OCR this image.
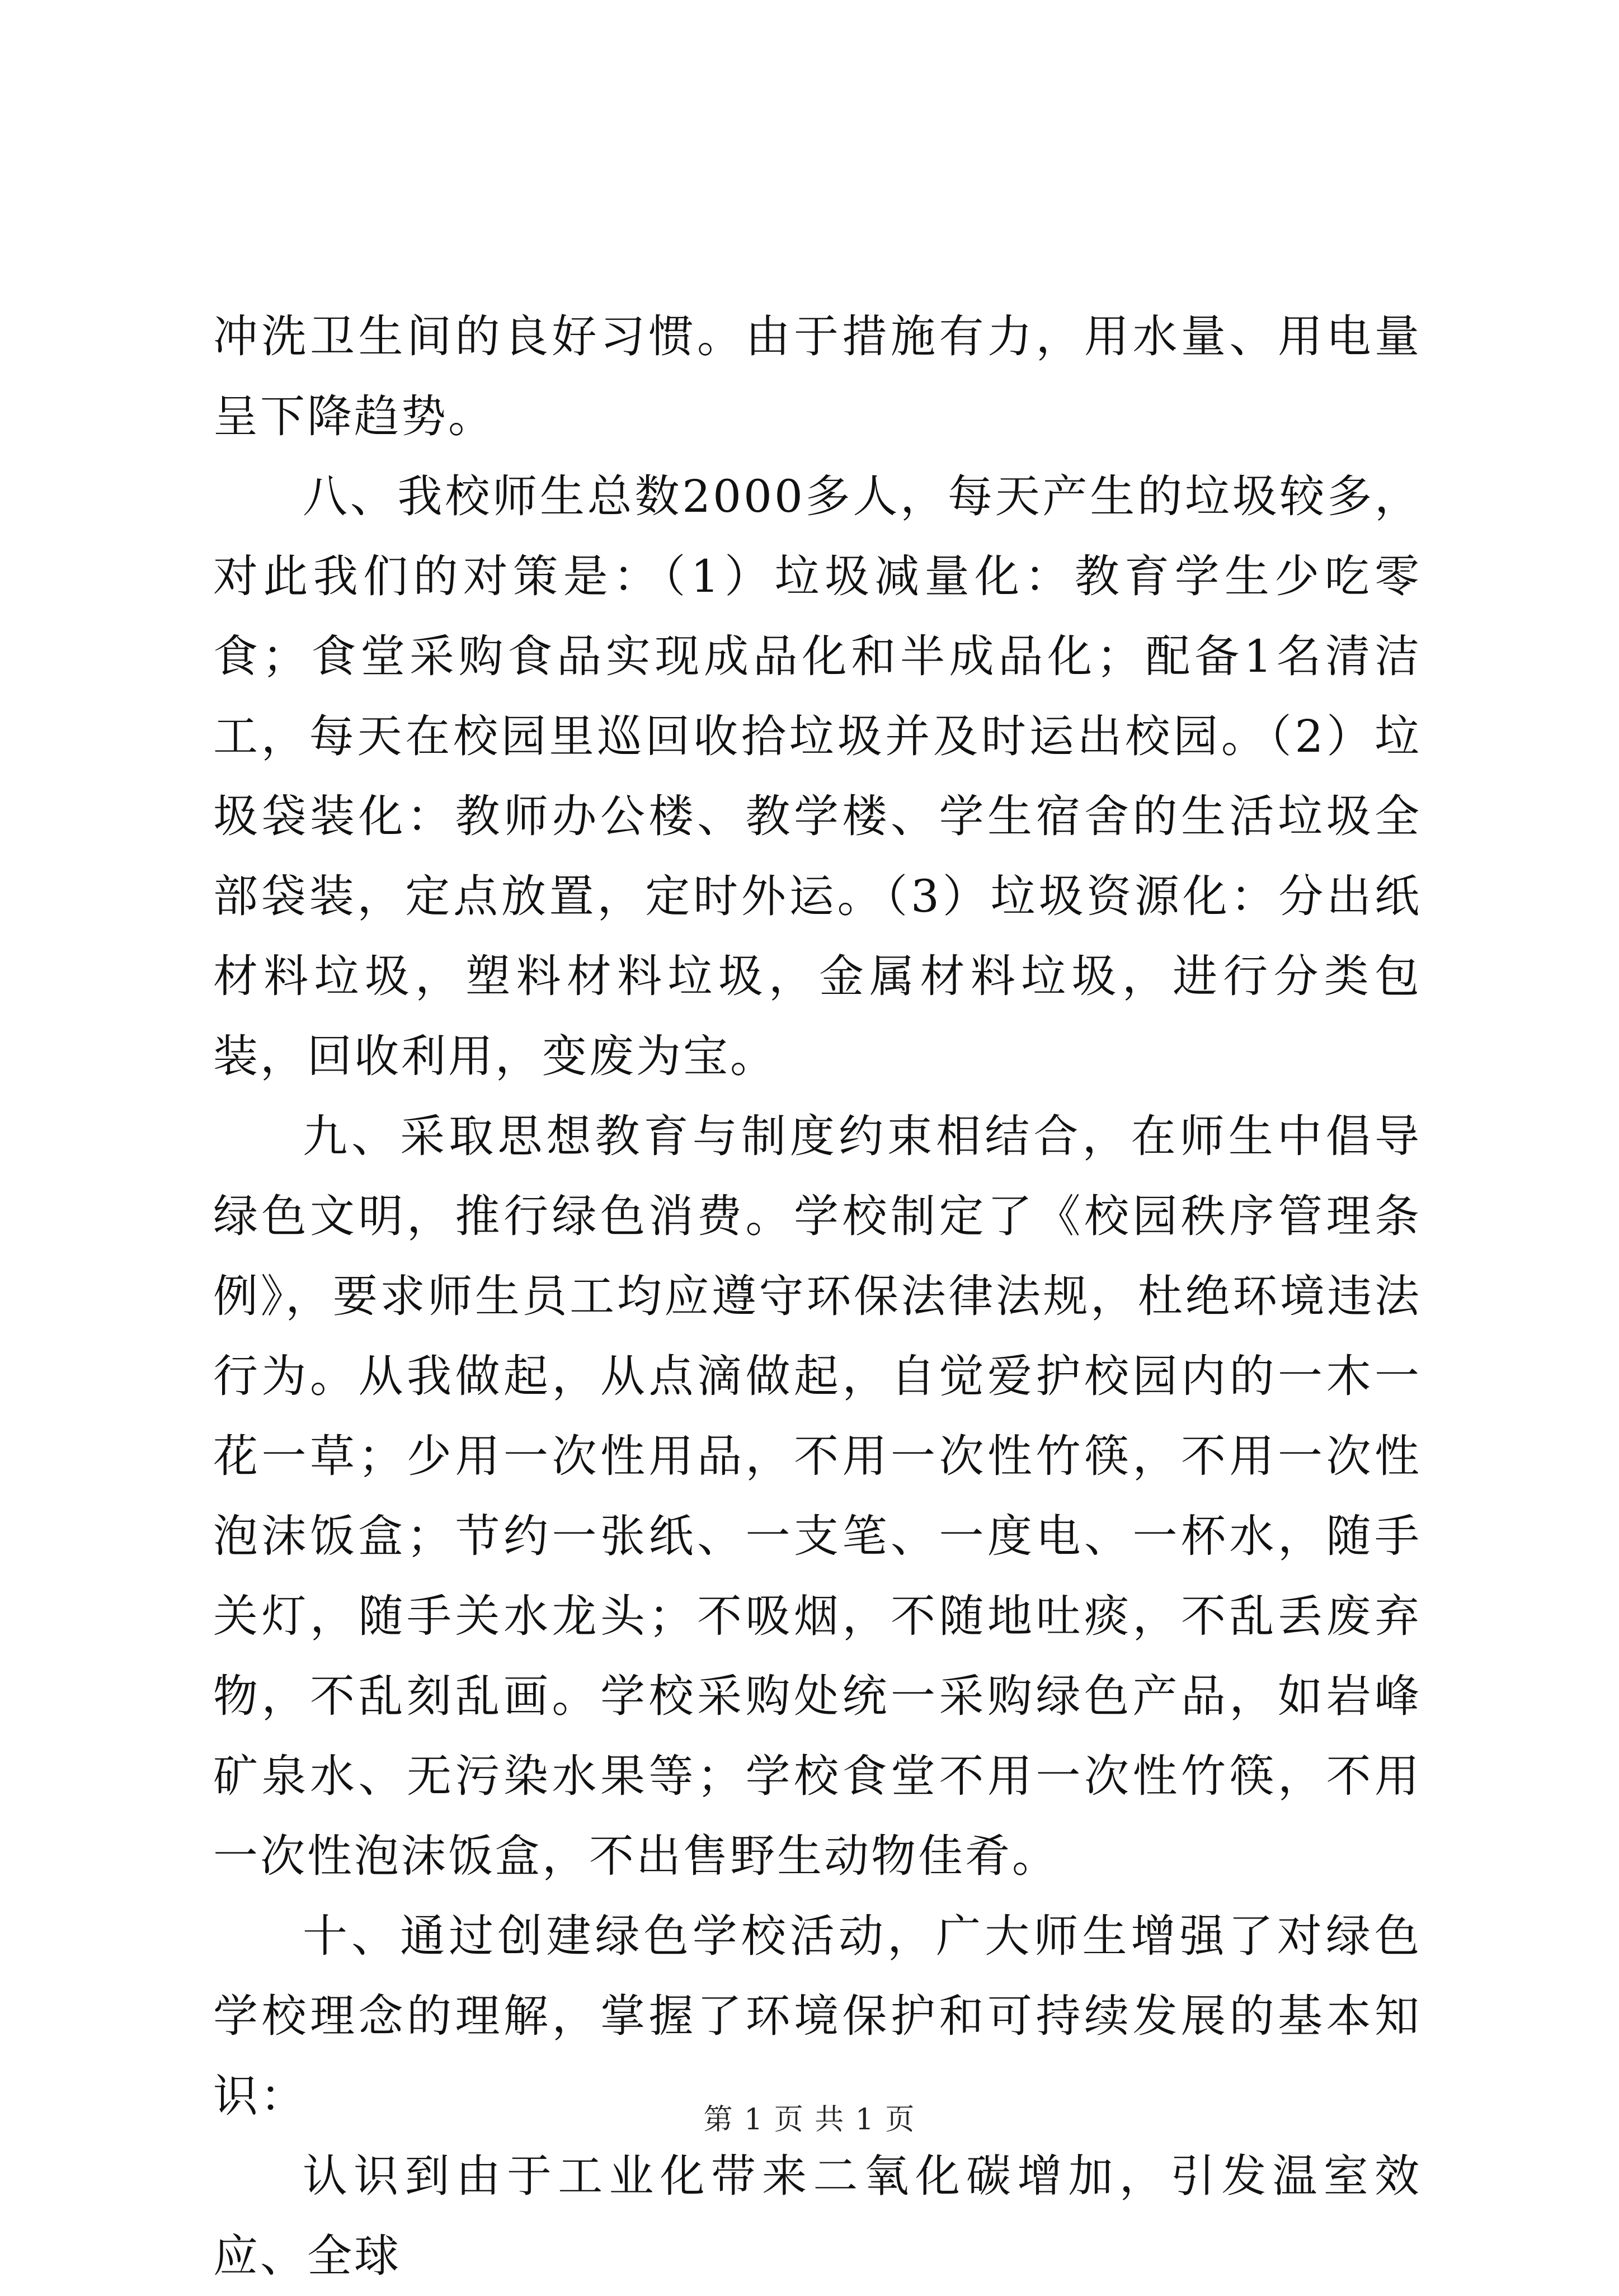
冲洗卫生间的良好习惯。由于措施有力，用水量、用电量呈下降趋势。

八、我校师生总数2000多人，每天产生的垃圾较多，对此我们的对策是：（1）垃圾减量化：教育学生少吃零食；食堂采购食品实现成品化和半成品化；配备1名清洁工，每天在校园里巡回收拾垃圾并及时运出校园。（2）垃圾袋装化：教师办公楼、教学楼、学生宿舍的生活垃圾全部袋装，定点放置，定时外运。（3）垃圾资源化：分出纸材料垃圾，塑料材料垃圾，金属材料垃圾，进行分类包装，回收利用，变废为宝。

九、采取思想教育与制度约束相结合，在师生中倡导绿色文明，推行绿色消费。学校制定了《校园秩序管理条例》，要求师生员工均应遵守环保法律法规，杜绝环境违法行为。从我做起，从点滴做起，自觉爱护校园内的一木一花一草；少用一次性用品，不用一次性竹筷，不用一次性泡沫饭盒；节约一张纸、一支笔、一度电、一杯水，随手关灯，随手关水龙头；不吸烟，不随地吐痰，不乱丢废弃物，不乱刻乱画。学校采购处统一采购绿色产品，如岩峰矿泉水、无污染水果等；学校食堂不用一次性竹筷，不用一次性泡沫饭盒，不出售野生动物佳肴。

十、通过创建绿色学校活动，广大师生增强了对绿色学校理念的理解，掌握了环境保护和可持续发展的基本知识：

认识到由于工业化带来二氧化碳增加，引发温室效应、全球

第 1 页 共 1 页
